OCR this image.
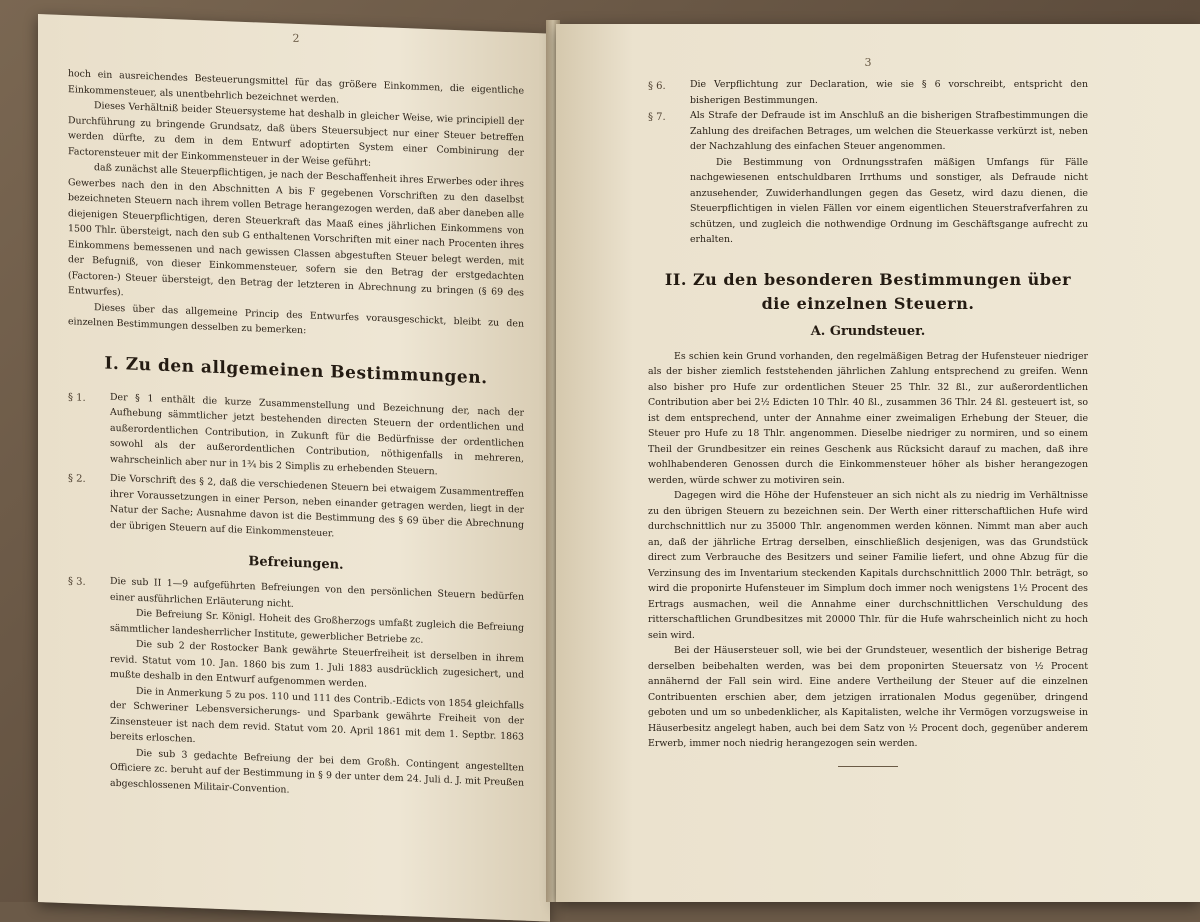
2

hoch ein ausreichendes Besteuerungsmittel für das größere Einkommen, die eigentliche Einkommensteuer, als unentbehrlich bezeichnet werden.

Dieses Verhältniß beider Steuersysteme hat deshalb in gleicher Weise, wie principiell der Durchführung zu bringende Grundsatz, daß übers Steuersubject nur einer Steuer betreffen werden dürfte, zu dem in dem Entwurf adoptirten System einer Combinirung der Factorensteuer mit der Einkommensteuer in der Weise geführt:

daß zunächst alle Steuerpflichtigen, je nach der Beschaffenheit ihres Erwerbes oder ihres Gewerbes nach den in den Abschnitten A bis F gegebenen Vorschriften zu den daselbst bezeichneten Steuern nach ihrem vollen Betrage herangezogen werden, daß aber daneben alle diejenigen Steuerpflichtigen, deren Steuerkraft das Maaß eines jährlichen Einkommens von 1500 Thlr. übersteigt, nach den sub G enthaltenen Vorschriften mit einer nach Procenten ihres Einkommens bemessenen und nach gewissen Classen abgestuften Steuer belegt werden, mit der Befugniß, von dieser Einkommensteuer, sofern sie den Betrag der erstgedachten (Factoren-) Steuer übersteigt, den Betrag der letzteren in Abrechnung zu bringen (§ 69 des Entwurfes).

Dieses über das allgemeine Princip des Entwurfes vorausgeschickt, bleibt zu den einzelnen Bestimmungen desselben zu bemerken:

I. Zu den allgemeinen Bestimmungen.
§ 1.	Der § 1 enthält die kurze Zusammenstellung und Bezeichnung der, nach der Aufhebung sämmtlicher jetzt bestehenden directen Steuern der ordentlichen und außerordentlichen Contribution, in Zukunft für die Bedürfnisse der ordentlichen sowohl als der außerordentlichen Contribution, nöthigenfalls in mehreren, wahrscheinlich aber nur in 1¾ bis 2 Simplis zu erhebenden Steuern.

§ 2.	Die Vorschrift des § 2, daß die verschiedenen Steuern bei etwaigem Zusammentreffen ihrer Voraussetzungen in einer Person, neben einander getragen werden, liegt in der Natur der Sache; Ausnahme davon ist die Bestimmung des § 69 über die Abrechnung der übrigen Steuern auf die Einkommensteuer.

Befreiungen.
§ 3.	Die sub II 1—9 aufgeführten Befreiungen von den persönlichen Steuern bedürfen einer ausführlichen Erläuterung nicht.

Die Befreiung Sr. Königl. Hoheit des Großherzogs umfaßt zugleich die Befreiung sämmtlicher landesherrlicher Institute, gewerblicher Betriebe zc.

Die sub 2 der Rostocker Bank gewährte Steuerfreiheit ist derselben in ihrem revid. Statut vom 10. Jan. 1860 bis zum 1. Juli 1883 ausdrücklich zugesichert, und mußte deshalb in den Entwurf aufgenommen werden.

Die in Anmerkung 5 zu pos. 110 und 111 des Contrib.-Edicts von 1854 gleichfalls der Schweriner Lebensversicherungs- und Sparbank gewährte Freiheit von der Zinsensteuer ist nach dem revid. Statut vom 20. April 1861 mit dem 1. Septbr. 1863 bereits erloschen.

Die sub 3 gedachte Befreiung der bei dem Großh. Contingent angestellten Officiere zc. beruht auf der Bestimmung in § 9 der unter dem 24. Juli d. J. mit Preußen abgeschlossenen Militair-Convention.

3
§ 6.	Die Verpflichtung zur Declaration, wie sie § 6 vorschreibt, entspricht den bisherigen Bestimmungen.

§ 7.	Als Strafe der Defraude ist im Anschluß an die bisherigen Strafbestimmungen die Zahlung des dreifachen Betrages, um welchen die Steuerkasse verkürzt ist, neben der Nachzahlung des einfachen Steuer angenommen.

Die Bestimmung von Ordnungsstrafen mäßigen Umfangs für Fälle nachgewiesenen entschuldbaren Irrthums und sonstiger, als Defraude nicht anzusehender, Zuwiderhandlungen gegen das Gesetz, wird dazu dienen, die Steuerpflichtigen in vielen Fällen vor einem eigentlichen Steuerstrafverfahren zu schützen, und zugleich die nothwendige Ordnung im Geschäftsgange aufrecht zu erhalten.

II. Zu den besonderen Bestimmungen über die einzelnen Steuern.
A. Grundsteuer.

Es schien kein Grund vorhanden, den regelmäßigen Betrag der Hufensteuer niedriger als der bisher ziemlich feststehenden jährlichen Zahlung entsprechend zu greifen. Wenn also bisher pro Hufe zur ordentlichen Steuer 25 Thlr. 32 ßl., zur außerordentlichen Contribution aber bei 2½ Edicten 10 Thlr. 40 ßl., zusammen 36 Thlr. 24 ßl. gesteuert ist, so ist dem entsprechend, unter der Annahme einer zweimaligen Erhebung der Steuer, die Steuer pro Hufe zu 18 Thlr. angenommen. Dieselbe niedriger zu normiren, und so einem Theil der Grundbesitzer ein reines Geschenk aus Rücksicht darauf zu machen, daß ihre wohlhabenderen Genossen durch die Einkommensteuer höher als bisher herangezogen werden, würde schwer zu motiviren sein.

Dagegen wird die Höhe der Hufensteuer an sich nicht als zu niedrig im Verhältnisse zu den übrigen Steuern zu bezeichnen sein. Der Werth einer ritterschaftlichen Hufe wird durchschnittlich nur zu 35000 Thlr. angenommen werden können. Nimmt man aber auch an, daß der jährliche Ertrag derselben, einschließlich desjenigen, was das Grundstück direct zum Verbrauche des Besitzers und seiner Familie liefert, und ohne Abzug für die Verzinsung des im Inventarium steckenden Kapitals durchschnittlich 2000 Thlr. beträgt, so wird die proponirte Hufensteuer im Simplum doch immer noch wenigstens 1½ Procent des Ertrags ausmachen, weil die Annahme einer durchschnittlichen Verschuldung des ritterschaftlichen Grundbesitzes mit 20000 Thlr. für die Hufe wahrscheinlich nicht zu hoch sein wird.

Bei der Häusersteuer soll, wie bei der Grundsteuer, wesentlich der bisherige Betrag derselben beibehalten werden, was bei dem proponirten Steuersatz von ½ Procent annähernd der Fall sein wird. Eine andere Vertheilung der Steuer auf die einzelnen Contribuenten erschien aber, dem jetzigen irrationalen Modus gegenüber, dringend geboten und um so unbedenklicher, als Kapitalisten, welche ihr Vermögen vorzugsweise in Häuserbesitz angelegt haben, auch bei dem Satz von ½ Procent doch, gegenüber anderem Erwerb, immer noch niedrig herangezogen sein werden.
